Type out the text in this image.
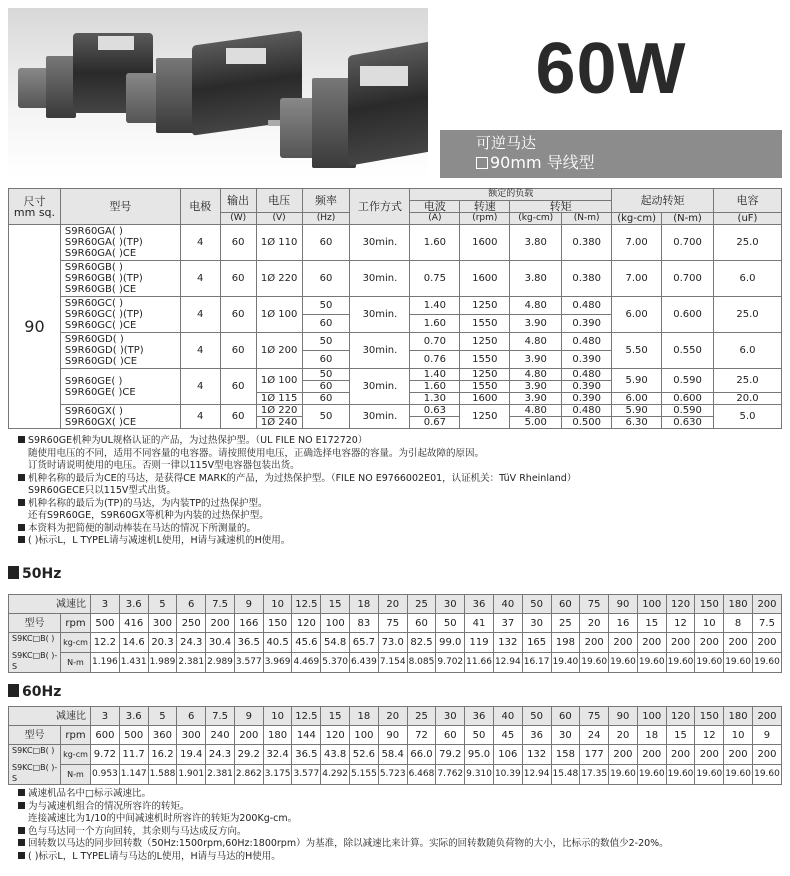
60W
可逆马达
90mm 导线型
尺寸
mm sq.	型号	电极	输出	电压	频率	工作方式	额定的负载				起动转矩		电容
							电波	转速	转矩				
			(W)	(V)	(Hz)		(A)	(rpm)	(kg-cm)	(N-m)	(kg-cm)	(N-m)	(uF)
90	S9R60GA( )
S9R60GA( )(TP)
S9R60GA( )CE	4	60	1Ø 110	60	30min.	1.60	1600	3.80	0.380	7.00	0.700	25.0

	S9R60GB( )
S9R60GB( )(TP)
S9R60GB( )CE	4	60	1Ø 220	60	30min.	0.75	1600	3.80	0.380	7.00	0.700	6.0

	S9R60GC( )
S9R60GC( )(TP)
S9R60GC( )CE	4	60	1Ø 100	50	30min.	1.40	1250	4.80	0.480	6.00	0.600	25.0
					60		1.60	1550	3.90	0.390			

	S9R60GD( )
S9R60GD( )(TP)
S9R60GD( )CE	4	60	1Ø 200	50	30min.	0.70	1250	4.80	0.480	5.50	0.550	6.0
					60		0.76	1550	3.90	0.390			

	S9R60GE( )
S9R60GE( )CE	4	60	1Ø 100	50	30min.	1.40	1250	4.80	0.480	5.90	0.590	25.0
					60		1.60	1550	3.90	0.390			
				1Ø 115	60		1.30	1600	3.90	0.390	6.00	0.600	20.0

	S9R60GX( )
S9R60GX( )CE	4	60	1Ø 220	50	30min.	0.63	1250	4.80	0.480	5.90	0.590	5.0
				1Ø 240			0.67		5.00	0.500	6.30	0.630	
S9R60GE机种为UL规格认证的产品，为过热保护型。（UL FILE NO E172720）
随使用电压的不同，适用不同容量的电容器。请按照使用电压，正确选择电容器的容量。为引起故障的原因。
订货时请说明使用的电压。否则一律以115V型电容器包装出货。
机种名称的最后为CE的马达，是获得CE MARK的产品，为过热保护型。（FILE NO E9766002E01，认证机关：TüV Rheinland）
S9R60GECE只以115V型式出货。
机种名称的最后为(TP)的马达，为内装TP的过热保护型。
还有S9R60GE，S9R60GX等机种为内装的过热保护型。
本资料为把简便的制动棒装在马达的情况下所测量的。
( )标示L，L TYPEL请与减速机L使用，H请与减速机的H使用。
50Hz
减速比		3	3.6	5	6	7.5	9	10	12.5	15	18	20	25	30	36	40	50	60	75	90	100	120	150	180	200
型号	rpm	500	416	300	250	200	166	150	120	100	83	75	60	50	41	37	30	25	20	16	15	12	10	8	7.5

S9KC□B( )
S9KC□B( )-S	kg-cm	12.2	14.6	20.3	24.3	30.4	36.5	40.5	45.6	54.8	65.7	73.0	82.5	99.0	119	132	165	198	200	200	200	200	200	200	200
	N-m	1.196	1.431	1.989	2.381	2.989	3.577	3.969	4.469	5.370	6.439	7.154	8.085	9.702	11.66	12.94	16.17	19.40	19.60	19.60	19.60	19.60	19.60	19.60	19.60
60Hz
减速比		3	3.6	5	6	7.5	9	10	12.5	15	18	20	25	30	36	40	50	60	75	90	100	120	150	180	200
型号	rpm	600	500	360	300	240	200	180	144	120	100	90	72	60	50	45	36	30	24	20	18	15	12	10	9

S9KC□B( )
S9KC□B( )-S	kg-cm	9.72	11.7	16.2	19.4	24.3	29.2	32.4	36.5	43.8	52.6	58.4	66.0	79.2	95.0	106	132	158	177	200	200	200	200	200	200
	N-m	0.953	1.147	1.588	1.901	2.381	2.862	3.175	3.577	4.292	5.155	5.723	6.468	7.762	9.310	10.39	12.94	15.48	17.35	19.60	19.60	19.60	19.60	19.60	19.60
减速机品名中□标示减速比。
为与减速机组合的情况所容许的转矩。
连接减速比为1/10的中间减速机时所容许的转矩为200Kg-cm。
色与马达同一个方向回转，其余则与马达成反方向。
回转数以马达的同步回转数（50Hz:1500rpm,60Hz:1800rpm）为基准，除以减速比来计算。实际的回转数随负荷物的大小，比标示的数值少2-20%。
( )标示L，L TYPEL请与马达的L使用，H请与马达的H使用。
